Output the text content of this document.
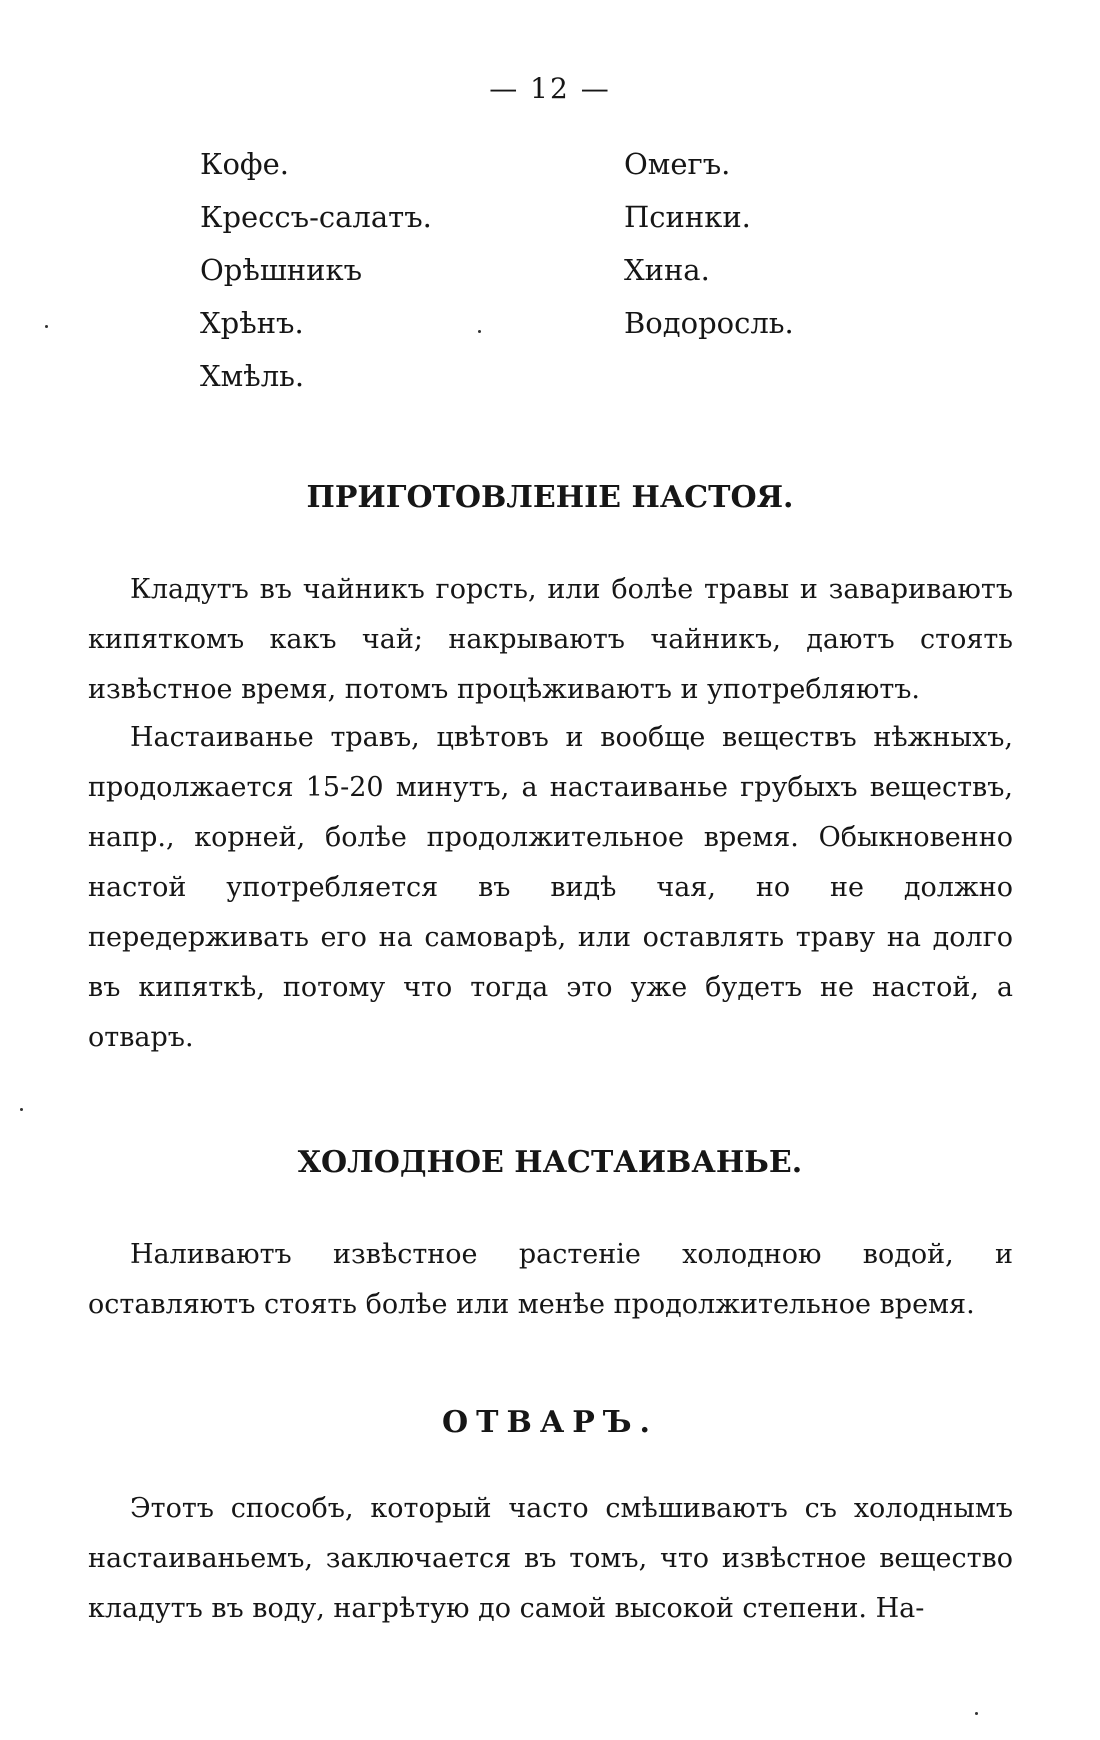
— 12 —
Кофе.
Крессъ-салатъ.
Орѣшникъ
Хрѣнъ.
Хмѣль.
Омегъ.
Псинки.
Хина.
Водоросль.
ПРИГОТОВЛЕНІЕ НАСТОЯ.

Кладутъ въ чайникъ горсть, или болѣе травы и завариваютъ кипяткомъ какъ чай; накрываютъ чайникъ, даютъ стоять извѣстное время, потомъ процѣживаютъ и употребляютъ.

Настаиванье травъ, цвѣтовъ и вообще веществъ нѣжныхъ, продолжается 15-20 минутъ, а настаиванье грубыхъ веществъ, напр., корней, болѣе продолжительное время. Обыкновенно настой употребляется въ видѣ чая, но не должно передерживать его на самоварѣ, или оставлять траву на долго въ кипяткѣ, потому что тогда это уже будетъ не настой, а отваръ.

ХОЛОДНОЕ НАСТАИВАНЬЕ.

Наливаютъ извѣстное растеніе холодною водой, и оставляютъ стоять болѣе или менѣе продолжительное время.

ОТВАРЪ.

Этотъ способъ, который часто смѣшиваютъ съ холоднымъ настаиваньемъ, заключается въ томъ, что извѣстное вещество кладутъ въ воду, нагрѣтую до самой высокой степени. На-
